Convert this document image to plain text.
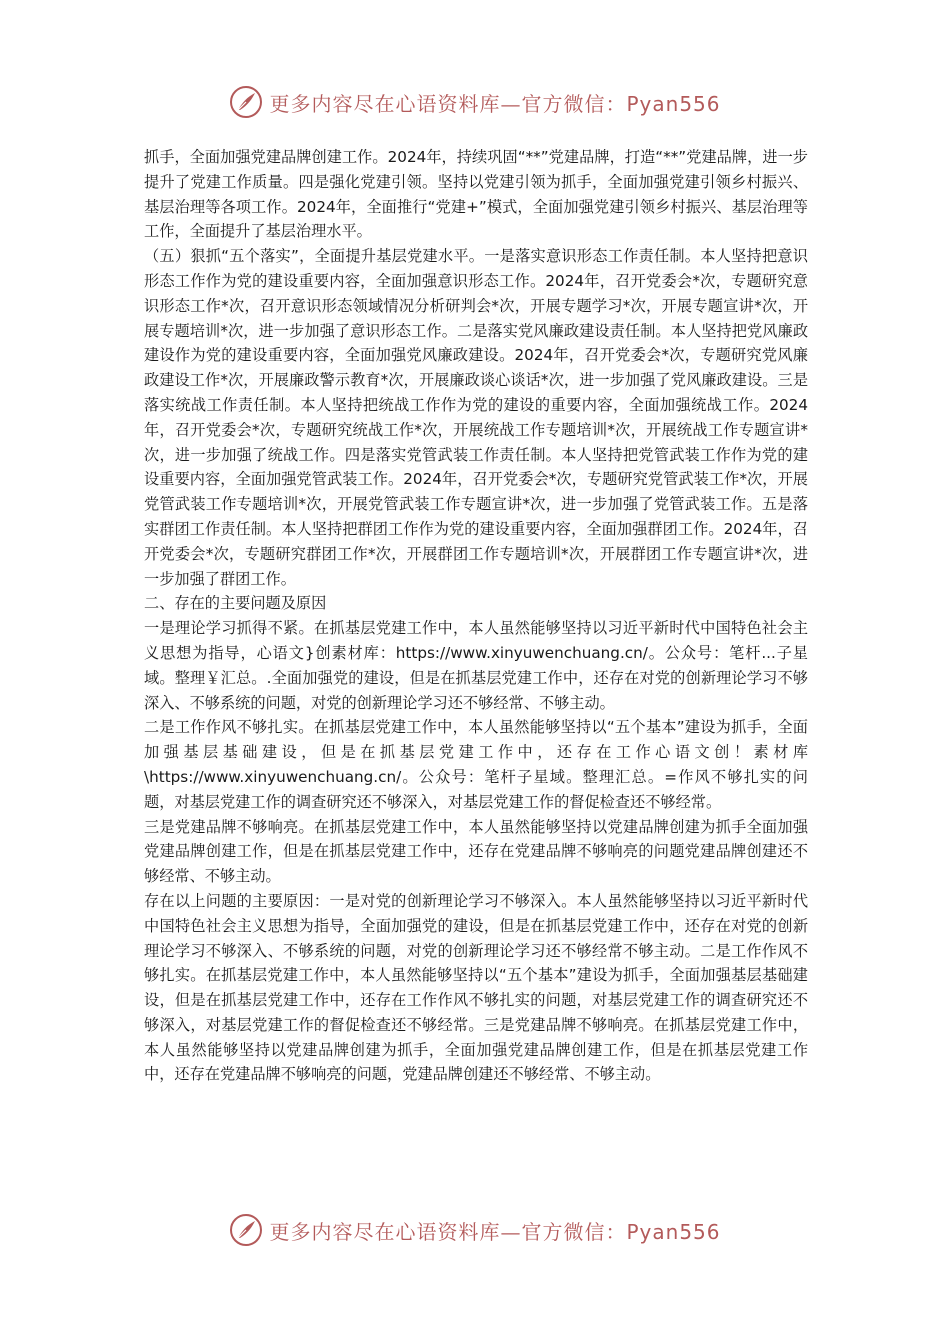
更多内容尽在心语资料库—官方微信：Pyan556

抓手，全面加强党建品牌创建工作。2024年，持续巩固“**”党建品牌，打造“**”党建品牌，进一步提升了党建工作质量。四是强化党建引领。坚持以党建引领为抓手，全面加强党建引领乡村振兴、基层治理等各项工作。2024年，全面推行“党建+”模式，全面加强党建引领乡村振兴、基层治理等工作，全面提升了基层治理水平。

（五）狠抓“五个落实”，全面提升基层党建水平。一是落实意识形态工作责任制。本人坚持把意识形态工作作为党的建设重要内容，全面加强意识形态工作。2024年，召开党委会*次，专题研究意识形态工作*次，召开意识形态领域情况分析研判会*次，开展专题学习*次，开展专题宣讲*次，开展专题培训*次，进一步加强了意识形态工作。二是落实党风廉政建设责任制。本人坚持把党风廉政建设作为党的建设重要内容，全面加强党风廉政建设。2024年，召开党委会*次，专题研究党风廉政建设工作*次，开展廉政警示教育*次，开展廉政谈心谈话*次，进一步加强了党风廉政建设。三是落实统战工作责任制。本人坚持把统战工作作为党的建设的重要内容，全面加强统战工作。2024年，召开党委会*次，专题研究统战工作*次，开展统战工作专题培训*次，开展统战工作专题宣讲*次，进一步加强了统战工作。四是落实党管武装工作责任制。本人坚持把党管武装工作作为党的建设重要内容，全面加强党管武装工作。2024年，召开党委会*次，专题研究党管武装工作*次，开展党管武装工作专题培训*次，开展党管武装工作专题宣讲*次，进一步加强了党管武装工作。五是落实群团工作责任制。本人坚持把群团工作作为党的建设重要内容，全面加强群团工作。2024年，召开党委会*次，专题研究群团工作*次，开展群团工作专题培训*次，开展群团工作专题宣讲*次，进一步加强了群团工作。

二、存在的主要问题及原因

一是理论学习抓得不紧。在抓基层党建工作中，本人虽然能够坚持以习近平新时代中国特色社会主义思想为指导，心语文}创素材库：https://www.xinyuwenchuang.cn/。公众号：笔杆...子星域。整理￥汇总。.全面加强党的建设，但是在抓基层党建工作中，还存在对党的创新理论学习不够深入、不够系统的问题，对党的创新理论学习还不够经常、不够主动。

二是工作作风不够扎实。在抓基层党建工作中，本人虽然能够坚持以“五个基本”建设为抓手，全面加强基层基础建设，但是在抓基层党建工作中，还存在工作心语文创！素材库\https://www.xinyuwenchuang.cn/。公众号：笔杆子星域。整理汇总。=作风不够扎实的问题，对基层党建工作的调查研究还不够深入，对基层党建工作的督促检查还不够经常。

三是党建品牌不够响亮。在抓基层党建工作中，本人虽然能够坚持以党建品牌创建为抓手全面加强党建品牌创建工作，但是在抓基层党建工作中，还存在党建品牌不够响亮的问题党建品牌创建还不够经常、不够主动。

存在以上问题的主要原因：一是对党的创新理论学习不够深入。本人虽然能够坚持以习近平新时代中国特色社会主义思想为指导，全面加强党的建设，但是在抓基层党建工作中，还存在对党的创新理论学习不够深入、不够系统的问题，对党的创新理论学习还不够经常不够主动。二是工作作风不够扎实。在抓基层党建工作中，本人虽然能够坚持以“五个基本”建设为抓手，全面加强基层基础建设，但是在抓基层党建工作中，还存在工作作风不够扎实的问题，对基层党建工作的调查研究还不够深入，对基层党建工作的督促检查还不够经常。三是党建品牌不够响亮。在抓基层党建工作中，本人虽然能够坚持以党建品牌创建为抓手，全面加强党建品牌创建工作，但是在抓基层党建工作中，还存在党建品牌不够响亮的问题，党建品牌创建还不够经常、不够主动。

更多内容尽在心语资料库—官方微信：Pyan556
